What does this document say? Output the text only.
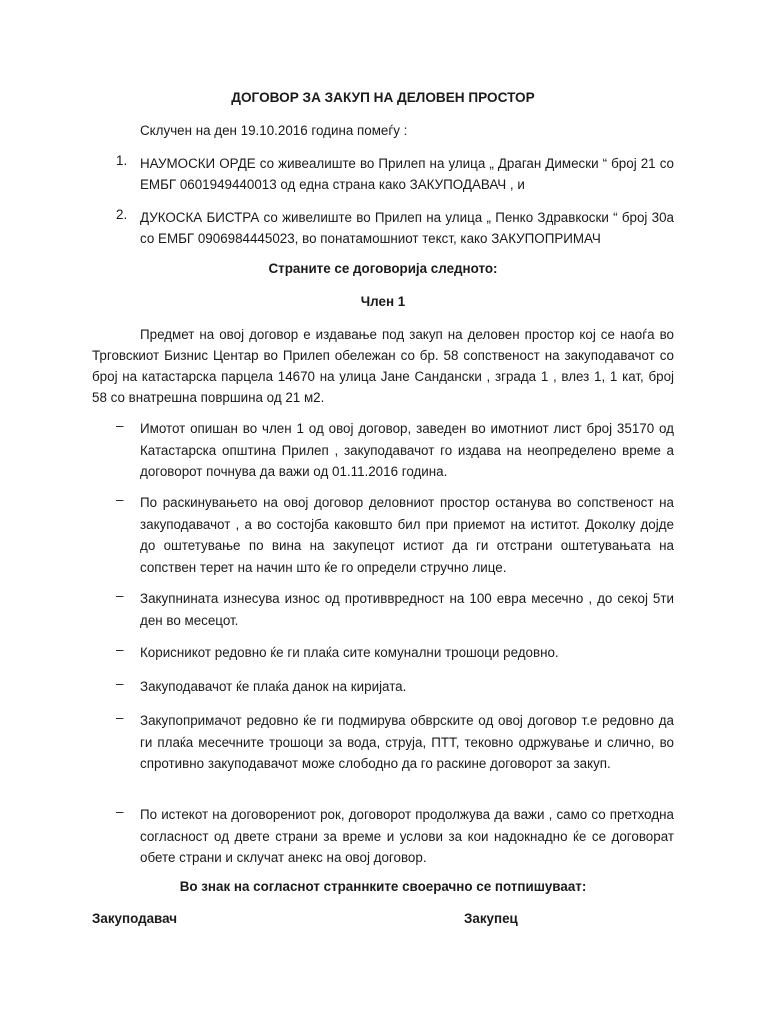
ДОГОВОР ЗА ЗАКУП НА ДЕЛОВЕН ПРОСТОР
Склучен на ден 19.10.2016 година помеѓу :
1. НАУМОСКИ ОРДЕ со живеалиште во Прилеп на улица „ Драган Димески “ број 21 со ЕМБГ 0601949440013 од една страна како ЗАКУПОДАВАЧ , и
2. ДУКОСКА БИСТРА со живелиште во Прилеп на улица „ Пенко Здравкоски “ број 30а со ЕМБГ 0906984445023, во понатамошниот текст, како ЗАКУПОПРИМАЧ
Страните се договорија следното:
Член 1
Предмет на овој договор е издавање под закуп на деловен простор кој се наоѓа во Трговскиот Бизнис Центар во Прилеп обележан со бр. 58 сопственост на закуподавачот со број на катастарска парцела 14670 на улица Јане Сандански , зграда 1 , влез 1, 1 кат, број 58 со внатрешна површина од 21 м2.
– Имотот опишан во член 1 од овој договор, заведен во имотниот лист број 35170 од Катастарска општина Прилеп , закуподавачот го издава на неопределено време а договорот почнува да важи од 01.11.2016 година.
– По раскинувањето на овој договор деловниот простор останува во сопственост на закуподавачот , а во состојба каковшто бил при приемот на иститот. Доколку дојде до оштетување по вина на закупецот истиот да ги отстрани оштетувањата на сопствен терет на начин што ќе го определи стручно лице.
– Закупнината изнесува износ од противвредност на 100 евра месечно , до секој 5ти ден во месецот.
– Корисникот редовно ќе ги плаќа сите комунални трошоци редовно.
– Закуподавачот ќе плаќа данок на киријата.
– Закупопримачот редовно ќе ги подмирува обврските од овој договор т.е редовно да ги плаќа месечните трошоци за вода, струја, ПТТ, тековно одржување и слично, во спротивно закуподавачот може слободно да го раскине договорот за закуп.
– По истекот на договорениот рок, договорот продолжува да важи , само со претходна согласност од двете страни за време и услови за кои надокнадно ќе се договорат обете страни и склучат анекс на овој договор.
Во знак на согласнот страннките своерачно се потпишуваат:
Закуподавач	Закупец
